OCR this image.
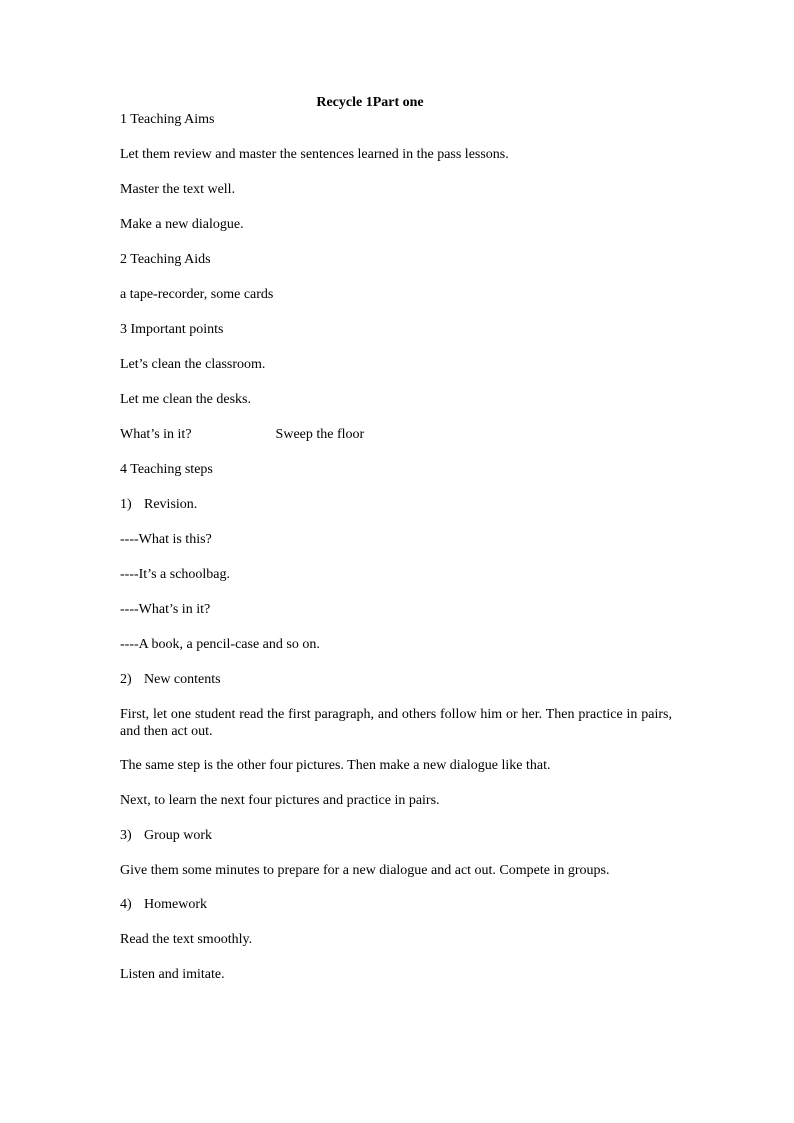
Recycle 1Part one
1 Teaching Aims
Let them review and master the sentences learned in the pass lessons.
Master the text well.
Make a new dialogue.
2 Teaching Aids
a tape-recorder, some cards
3 Important points
Let’s clean the classroom.
Let me clean the desks.
What’s in it?	Sweep the floor
4 Teaching steps
1) Revision.
----What is this?
----It’s a schoolbag.
----What’s in it?
----A book, a pencil-case and so on.
2) New contents
First, let one student read the first paragraph, and others follow him or her. Then practice in pairs, and then act out.
The same step is the other four pictures. Then make a new dialogue like that.
Next, to learn the next four pictures and practice in pairs.
3) Group work
Give them some minutes to prepare for a new dialogue and act out. Compete in groups.
4) Homework
Read the text smoothly.
Listen and imitate.
